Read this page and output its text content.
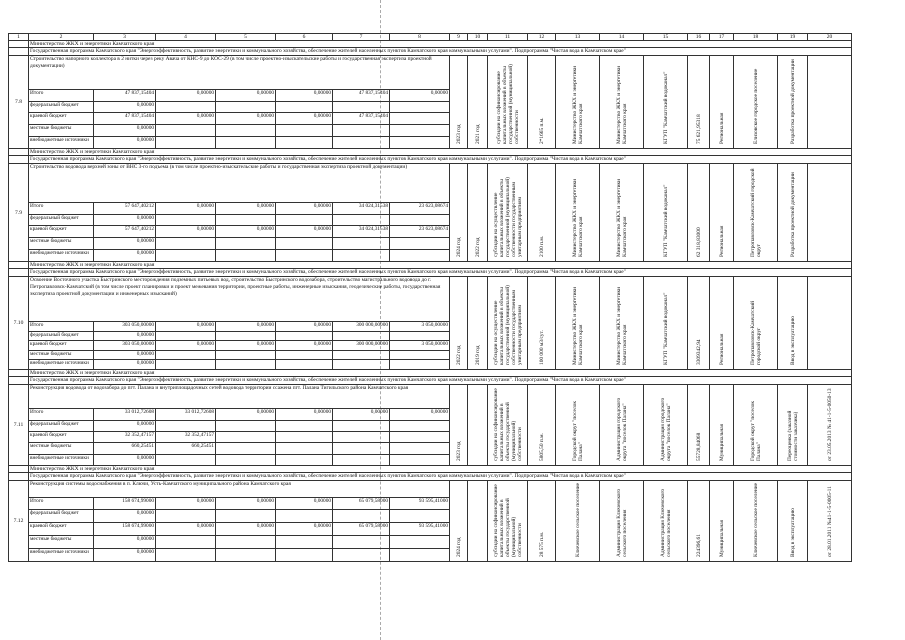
1	2	3	4	5	6	7	8	9	10	11	12	13	14	15	16	17	18	19	20
	Министерство ЖКХ и энергетики Камчатского края																		
	Государственная программа Камчатского края "Энергоэффективность, развитие энергетики и коммунального хозяйства, обеспечение жителей населенных пунктов Камчатского края коммунальными услугами". Подпрограмма "Чистая вода в Камчатском крае"																		
7.8	Строительство напорного коллектора в 2 нитки через реку Авача от КНС-9 до КОС-29 (в том числе проектно-изыскательские работы и государственная экспертиза проектной документации)							2023 год	2021 год	субсидии на софинансирование капитальных вложений в объекты государственной (муниципальной) собственности	2*1665 п.м.	Министерство ЖКХ и энергетики Камчатского края	Министерство ЖКХ и энергетики Камчатского края	КГУП "Камчатский водоканал"	75 621,95318	Региональная	Елизовское городское поселение	Разработка проектной документации	

	Итого	47 837,15404	0,00000	0,00000	0,00000	47 837,15404	0,00000												
	федеральный бюджет	0,00000																	
	краевой бюджет	47 837,15404	0,00000	0,00000	0,00000	47 837,15404													
	местные бюджеты	0,00000																	
	внебюджетные источники	0,00000																	
	Министерство ЖКХ и энергетики Камчатского края																		
	Государственная программа Камчатского края "Энергоэффективность, развитие энергетики и коммунального хозяйства, обеспечение жителей населенных пунктов Камчатского края коммунальными услугами". Подпрограмма "Чистая вода в Камчатском крае"																		
7.9	Строительство водовода верхней зоны от ВНС 3-го подъема (в том числе проектно-изыскательские работы и государственная экспертиза проектной документации)							2024 год	2022 год	субсидии на осуществление капитальных вложений в объекты государственной (муниципальной) собственности государственным унитарным предприятиям	2100 п.м.	Министерство ЖКХ и энергетики Камчатского края	Министерство ЖКХ и энергетики Камчатского края	КГУП "Камчатский водоканал"	62 318,83000	Региональная	Петропавловск-Камчатский городской округ	Разработка проектной документации	

	Итого	57 647,40212	0,00000	0,00000	0,00000	34 024,31538	23 623,08674												
	федеральный бюджет	0,00000																	
	краевой бюджет	57 647,40212	0,00000	0,00000	0,00000	34 024,31538	23 623,08674												
	местные бюджеты	0,00000																	
	внебюджетные источники	0,00000																	
	Министерство ЖКХ и энергетики Камчатского края																		
	Государственная программа Камчатского края "Энергоэффективность, развитие энергетики и коммунального хозяйства, обеспечение жителей населенных пунктов Камчатского края коммунальными услугами". Подпрограмма "Чистая вода в Камчатском крае"																		
7.10	Освоение Восточного участка Быстринского месторождения подземных питьевых вод, строительство Быстринского водозабора, строительство магистрального водовода до г. Петропавловск-Камчатский (в том числе проект планировки и проект межевания территории, проектные работы, инженерные изыскания, геодезические работы, государственная экспертиза проектной документации и инженерных изысканий)							2022 год	2019 год	субсидии на осуществление капитальных вложений в объекты государственной (муниципальной) собственности государственным унитарным предприятиям	100 000 м3/сут.	Министерство ЖКХ и энергетики Камчатского края	Министерство ЖКХ и энергетики Камчатского края	КГУП "Камчатский водоканал"	3309342,94	Региональная	Петропавловск-Камчатский городской округ	Ввод в эксплуатацию	

	Итого	303 050,00000	0,00000	0,00000	0,00000	300 000,00000	3 050,00000												
	федеральный бюджет	0,00000																	
	краевой бюджет	303 050,00000	0,00000	0,00000	0,00000	300 000,00000	3 050,00000												
	местные бюджеты	0,00000																	
	внебюджетные источники	0,00000																	
	Министерство ЖКХ и энергетики Камчатского края																		
	Государственная программа Камчатского края "Энергоэффективность, развитие энергетики и коммунального хозяйства, обеспечение жителей населенных пунктов Камчатского края коммунальными услугами". Подпрограмма "Чистая вода в Камчатском крае"																		
7.11	Реконструкция водовода от водозабора до пгт. Палана и внутриплощадочных сетей водовода территории ссажена пгт. Палана Тигильского района Камчатского края							2023 год		субсидии на софинансирование капитальных вложений в объекты государственной (муниципальной) собственности	5805,50 п.м.	Городской округ "поселок Палана"	Администрация городского округа "поселок Палана"	Администрация городского округа "поселок Палана"	55728,84068	Муниципальная	Городской округ "поселок Палана"	Переоценка (заказной стоимости заказчика)	от 23.05.2013 № 41-1-5-0050-13

	Итого	33 012,72608	33 012,72608	0,00000	0,00000	0,00000	0,00000												
	федеральный бюджет	0,00000																	
	краевой бюджет	32 352,47157	32 352,47157																
	местные бюджеты	660,25451	660,25451																
	внебюджетные источники	0,00000																	
	Министерство ЖКХ и энергетики Камчатского края																		
	Государственная программа Камчатского края "Энергоэффективность, развитие энергетики и коммунального хозяйства, обеспечение жителей населенных пунктов Камчатского края коммунальными услугами". Подпрограмма "Чистая вода в Камчатском крае"																		
7.12	Реконструкция системы водоснабжения в п. Ключи, Усть-Камчатского муниципального района Камчатского края							2024 год		субсидии на софинансирование капитальных вложений в объекты государственной (муниципальной) собственности	28 575 п.м.	Ключевское сельское поселение	Администрация Ключевского сельского поселения	Администрация Ключевского сельского поселения	224396,61	Муниципальная	Ключевское сельское поселение	Ввод в эксплуатацию	от 28.01.2011 №41-1-5-0005-11

	Итого	158 674,99000	0,00000	0,00000	0,00000	65 079,58000	93 595,41000												
	федеральный бюджет	0,00000																	
	краевой бюджет	158 674,99000	0,00000	0,00000	0,00000	65 079,58000	93 595,41000												
	местные бюджеты	0,00000																	
	внебюджетные источники	0,00000																	
